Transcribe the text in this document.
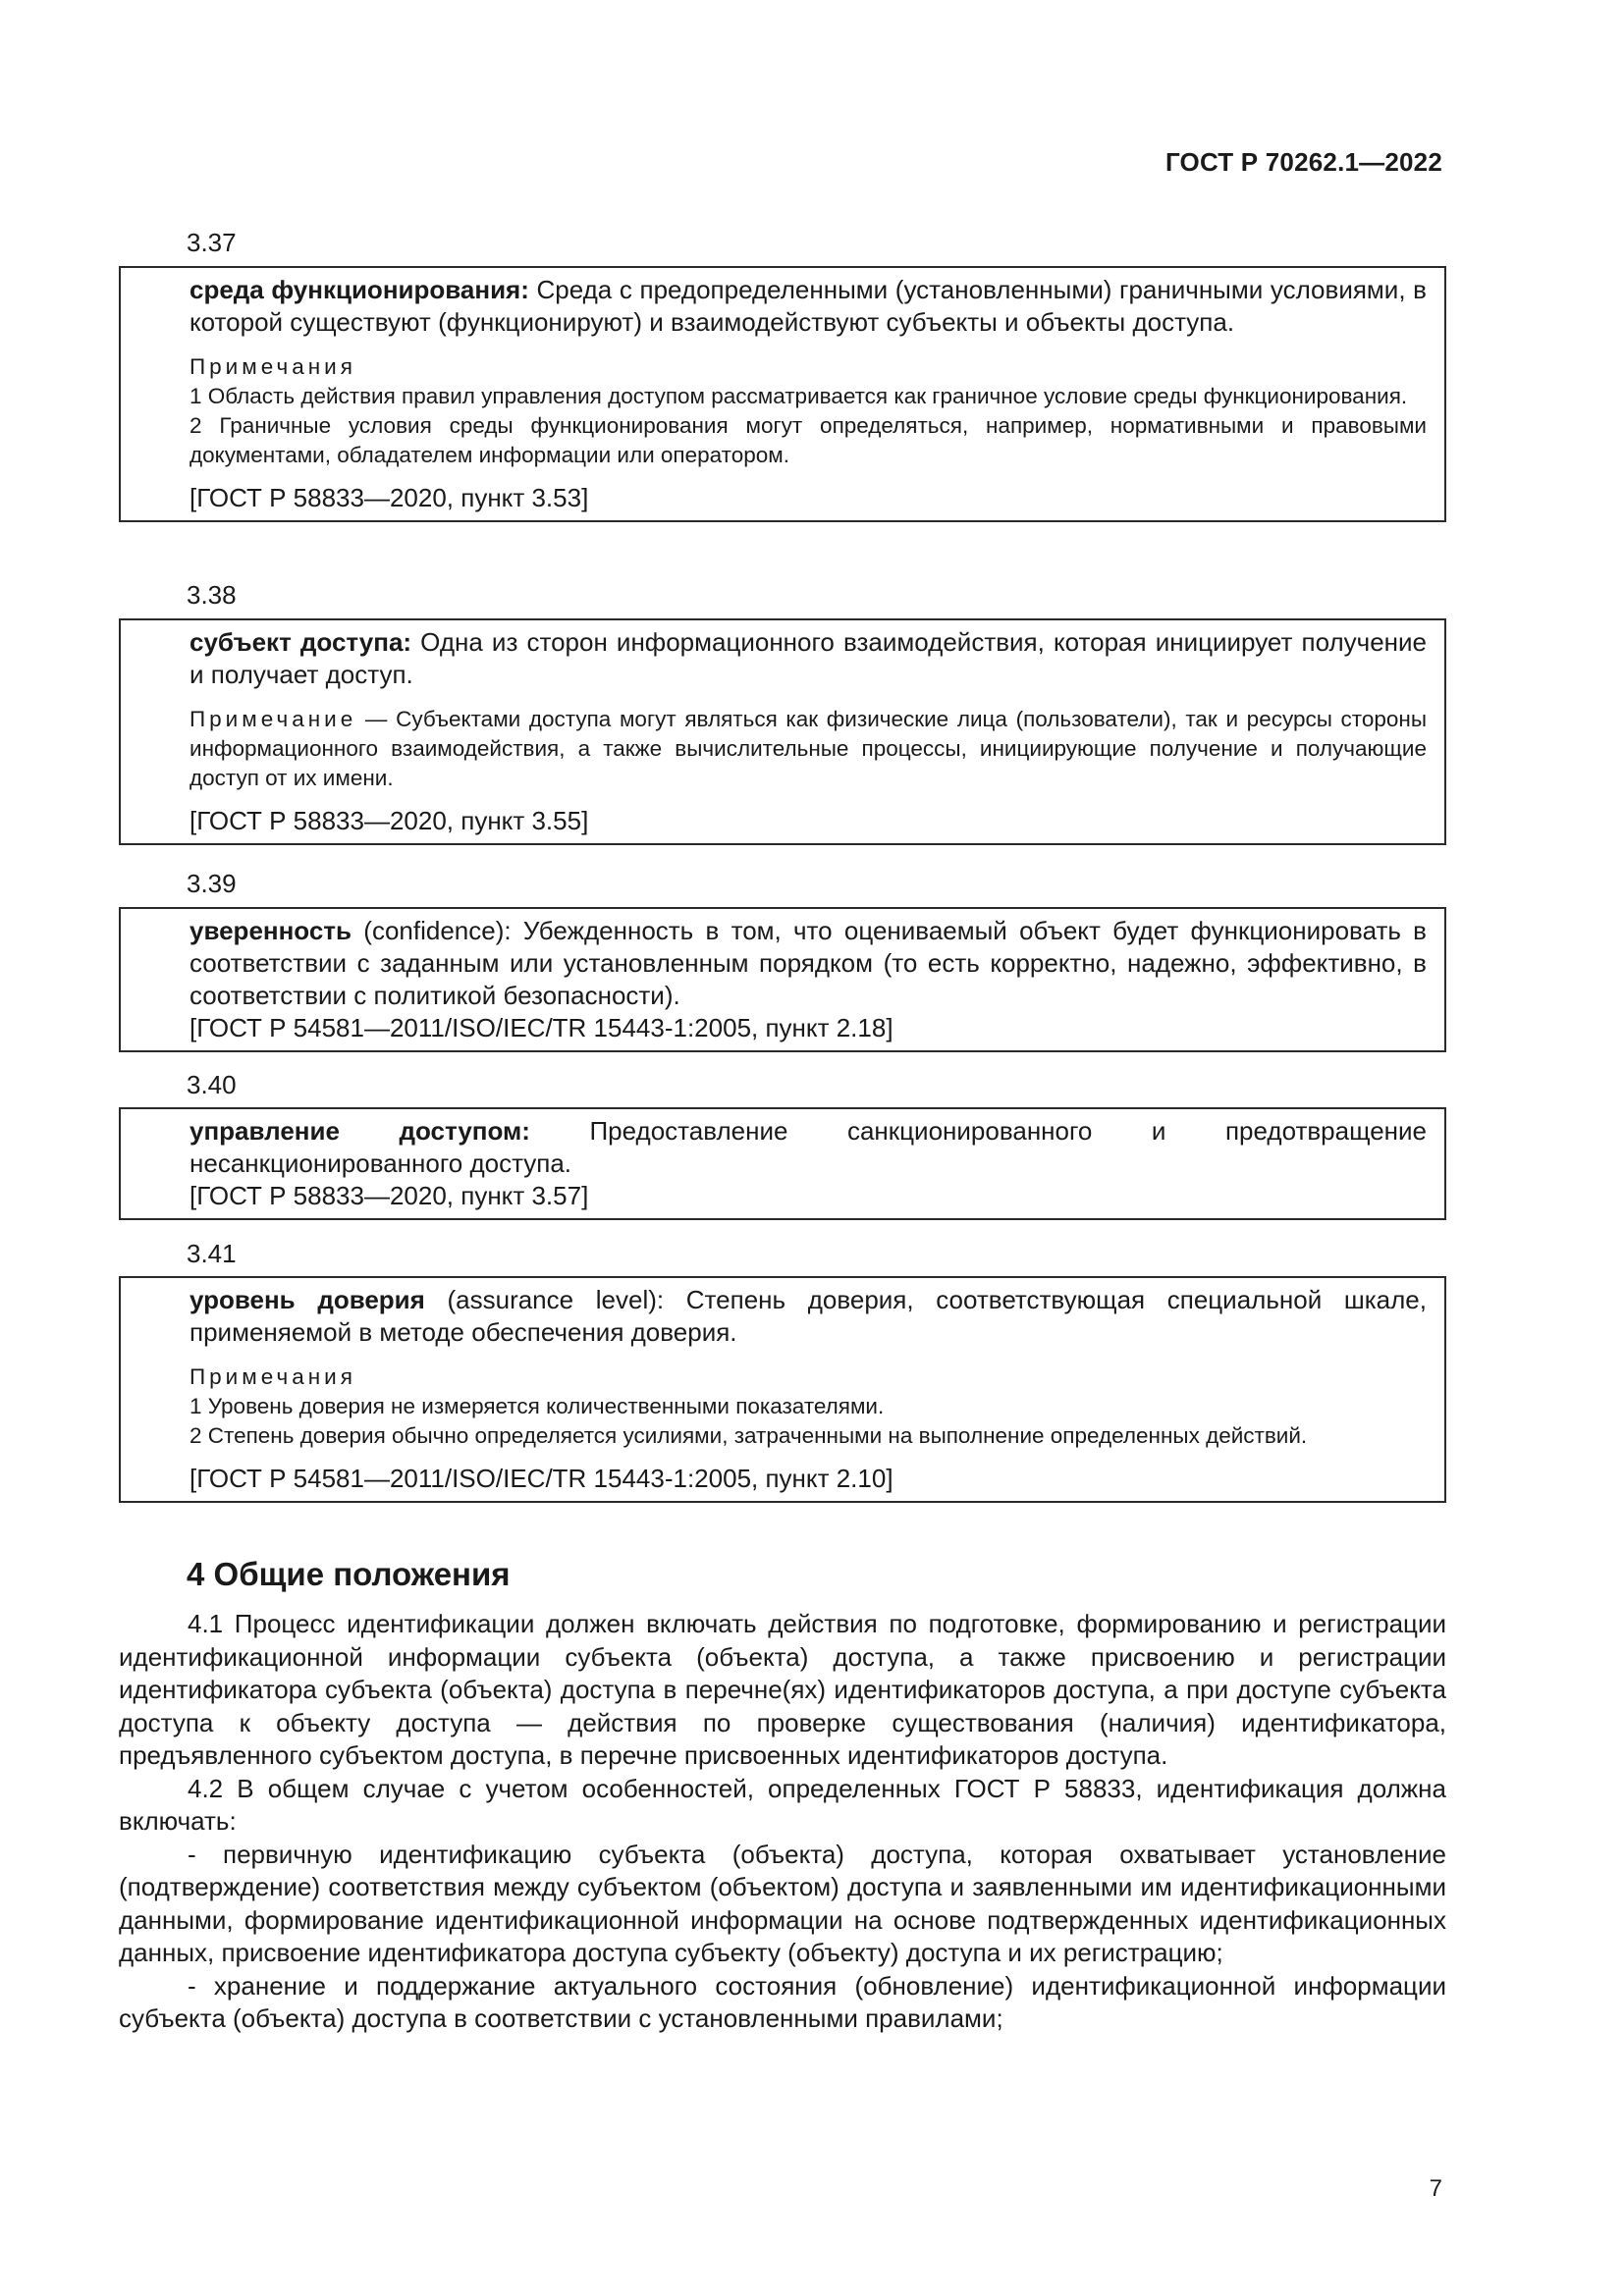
ГОСТ Р 70262.1—2022
3.37

среда функционирования: Среда с предопределенными (установленными) граничными условиями, в которой существуют (функционируют) и взаимодействуют субъекты и объекты доступа.

Примечания

1 Область действия правил управления доступом рассматривается как граничное условие среды функционирования.

2 Граничные условия среды функционирования могут определяться, например, нормативными и правовыми документами, обладателем информации или оператором.

[ГОСТ Р 58833—2020, пункт 3.53]

3.38

субъект доступа: Одна из сторон информационного взаимодействия, которая инициирует получение и получает доступ.

Примечание — Субъектами доступа могут являться как физические лица (пользователи), так и ресурсы стороны информационного взаимодействия, а также вычислительные процессы, инициирующие получение и получающие доступ от их имени.

[ГОСТ Р 58833—2020, пункт 3.55]

3.39

уверенность (confidence): Убежденность в том, что оцениваемый объект будет функционировать в соответствии с заданным или установленным порядком (то есть корректно, надежно, эффективно, в соответствии с политикой безопасности).

[ГОСТ Р 54581—2011/ISO/IEC/TR 15443-1:2005, пункт 2.18]

3.40

управление доступом: Предоставление санкционированного и предотвращение несанкционированного доступа.

[ГОСТ Р 58833—2020, пункт 3.57]

3.41

уровень доверия (assurance level): Степень доверия, соответствующая специальной шкале, применяемой в методе обеспечения доверия.

Примечания

1 Уровень доверия не измеряется количественными показателями.

2 Степень доверия обычно определяется усилиями, затраченными на выполнение определенных действий.

[ГОСТ Р 54581—2011/ISO/IEC/TR 15443-1:2005, пункт 2.10]

4 Общие положения

4.1 Процесс идентификации должен включать действия по подготовке, формированию и регистрации идентификационной информации субъекта (объекта) доступа, а также присвоению и регистрации идентификатора субъекта (объекта) доступа в перечне(ях) идентификаторов доступа, а при доступе субъекта доступа к объекту доступа — действия по проверке существования (наличия) идентификатора, предъявленного субъектом доступа, в перечне присвоенных идентификаторов доступа.

4.2 В общем случае с учетом особенностей, определенных ГОСТ Р 58833, идентификация должна включать:

- первичную идентификацию субъекта (объекта) доступа, которая охватывает установление (подтверждение) соответствия между субъектом (объектом) доступа и заявленными им идентификационными данными, формирование идентификационной информации на основе подтвержденных идентификационных данных, присвоение идентификатора доступа субъекту (объекту) доступа и их регистрацию;

- хранение и поддержание актуального состояния (обновление) идентификационной информации субъекта (объекта) доступа в соответствии с установленными правилами;

7
